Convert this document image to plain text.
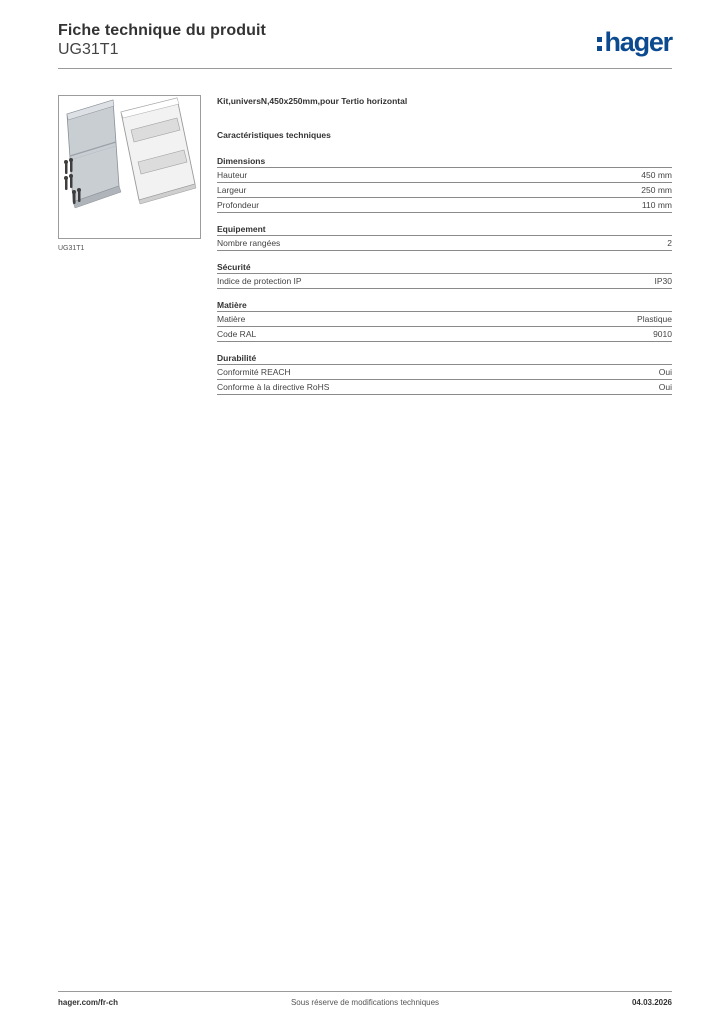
Fiche technique du produit
UG31T1	hager
UG31T1
Kit,universN,450x250mm,pour Tertio horizontal
Caractéristiques techniques
Dimensions
Hauteur	450 mm
Largeur	250 mm
Profondeur	110 mm
Equipement
Nombre rangées	2
Sécurité
Indice de protection IP	IP30
Matière
Matière	Plastique
Code RAL	9010
Durabilité
Conformité REACH	Oui
Conforme à la directive RoHS	Oui
Sous réserve de modifications techniques
hager.com/fr-ch	04.03.2026
